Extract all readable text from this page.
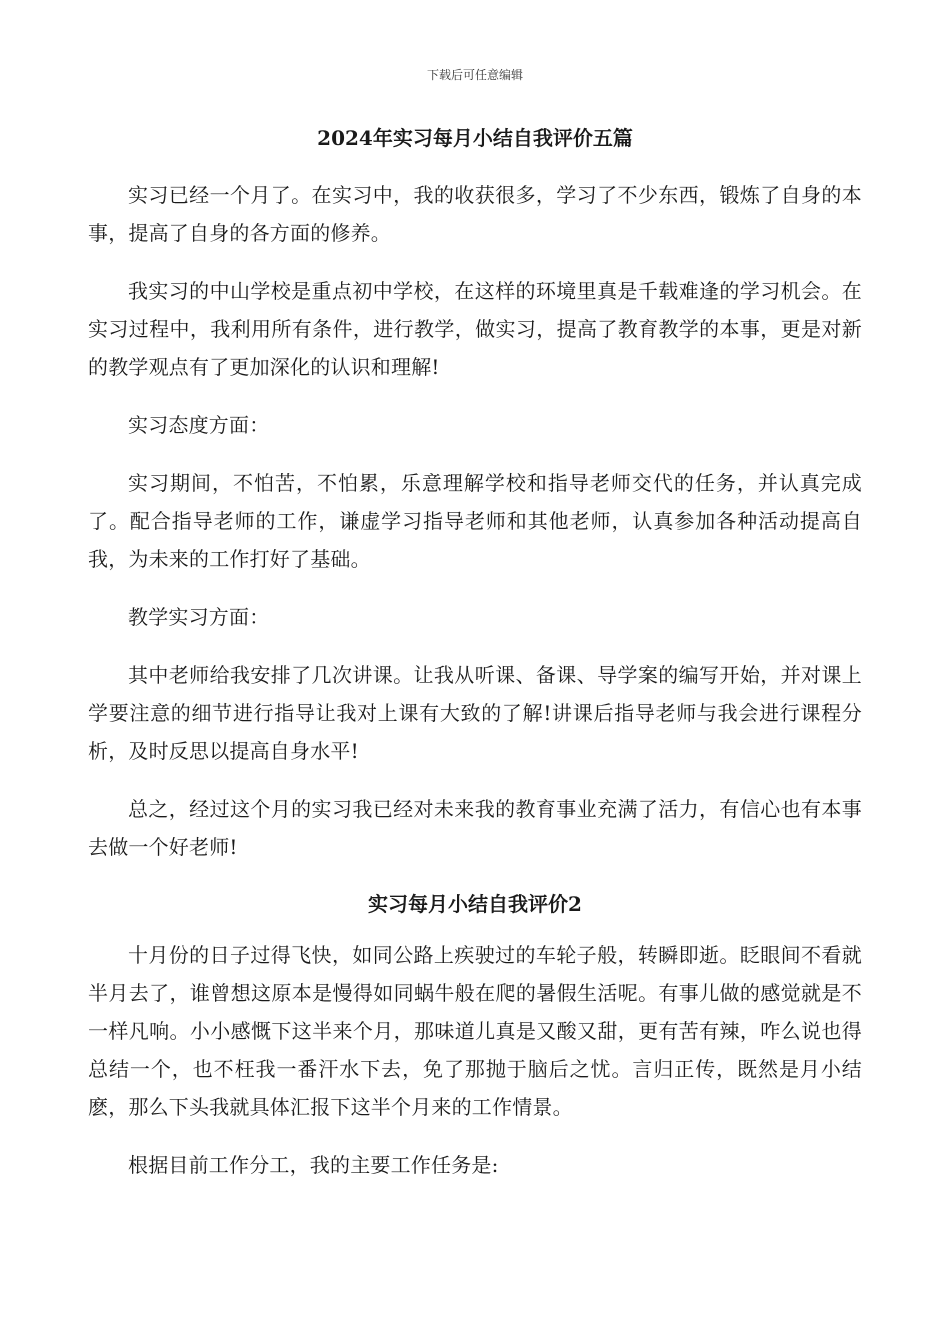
下载后可任意编辑
2024年实习每月小结自我评价五篇

实习已经一个月了。在实习中，我的收获很多，学习了不少东西，锻炼了自身的本事，提高了自身的各方面的修养。

我实习的中山学校是重点初中学校，在这样的环境里真是千载难逢的学习机会。在实习过程中，我利用所有条件，进行教学，做实习，提高了教育教学的本事，更是对新的教学观点有了更加深化的认识和理解!

实习态度方面：

实习期间，不怕苦，不怕累，乐意理解学校和指导老师交代的任务，并认真完成了。配合指导老师的工作，谦虚学习指导老师和其他老师，认真参加各种活动提高自我，为未来的工作打好了基础。

教学实习方面：

其中老师给我安排了几次讲课。让我从听课、备课、导学案的编写开始，并对课上学要注意的细节进行指导让我对上课有大致的了解!讲课后指导老师与我会进行课程分析，及时反思以提高自身水平!

总之，经过这个月的实习我已经对未来我的教育事业充满了活力，有信心也有本事去做一个好老师!

实习每月小结自我评价2

十月份的日子过得飞快，如同公路上疾驶过的车轮子般，转瞬即逝。眨眼间不看就半月去了，谁曾想这原本是慢得如同蜗牛般在爬的暑假生活呢。有事儿做的感觉就是不一样凡响。小小感慨下这半来个月，那味道儿真是又酸又甜，更有苦有辣，咋么说也得总结一个，也不枉我一番汗水下去，免了那抛于脑后之忧。言归正传，既然是月小结麽，那么下头我就具体汇报下这半个月来的工作情景。

根据目前工作分工，我的主要工作任务是:
